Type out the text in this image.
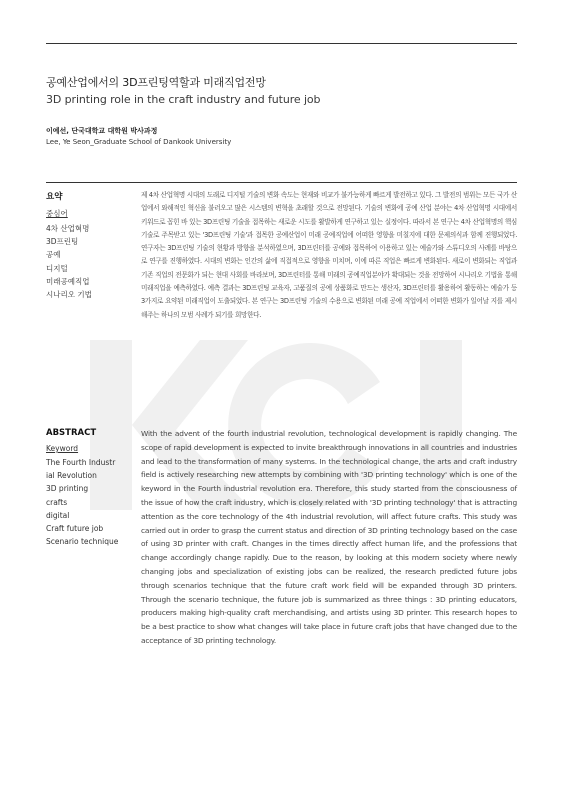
공예산업에서의 3D프린팅역할과 미래직업전망
3D printing role in the craft industry and future job
이예선, 단국대학교 대학원 박사과정
Lee, Ye Seon_Graduate School of Dankook University
요약
중심어
4차 산업혁명
3D프린팅
공예
디지털
미래공예직업
시나리오 기법
제 4차 산업혁명 시대의 도래로 디지털 기술의 변화 속도는 현재와 비교가 불가능하게 빠르게 발전하고 있다. 그 발전의 범위는 모든 국가 산업에서 와해적인 혁신을 불러오고 많은 시스템의 변혁을 초래할 것으로 전망된다. 기술의 변화에 공예 산업 분야는 4차 산업혁명 시대에서 키워드로 꼽힌 바 있는 3D프린팅 기술을 접목하는 새로운 시도를 활발하게 연구하고 있는 실정이다. 따라서 본 연구는 4차 산업혁명의 핵심기술로 주목받고 있는 '3D프린팅 기술'과 접목한 공예산업이 미래 공예직업에 어떠한 영향을 미칠지에 대한 문제의식과 함께 진행되었다. 연구자는 3D프린팅 기술의 현황과 방향을 분석하였으며, 3D프린터를 공예와 접목하여 이용하고 있는 예술가와 스튜디오의 사례를 바탕으로 연구를 진행하였다. 시대의 변화는 인간의 삶에 직접적으로 영향을 미치며, 이에 따른 직업은 빠르게 변화된다. 새로이 변화되는 직업과 기존 직업의 전문화가 되는 현대 사회를 바라보며, 3D프린터를 통해 미래의 공예직업분야가 확대되는 것을 전망하여 시나리오 기법을 통해 미래직업을 예측하였다. 예측 결과는 3D프린팅 교육자, 고품질의 공예 상품화로 만드는 생산자, 3D프린터를 활용하여 활동하는 예술가 등 3가지로 요약된 미래직업이 도출되었다. 본 연구는 3D프린팅 기술의 수용으로 변화된 미래 공예 직업에서 어떠한 변화가 일어날 지를 제시해주는 하나의 모범 사례가 되기를 희망한다.
ABSTRACT
Keyword
The Fourth Industr
ial Revolution
3D printing
crafts
digital
Craft future job
Scenario technique
With the advent of the fourth industrial revolution, technological development is rapidly changing. The scope of rapid development is expected to invite breakthrough innovations in all countries and industries and lead to the transformation of many systems. In the technological change, the arts and craft industry field is actively researching new attempts by combining with '3D printing technology' which is one of the keyword in the Fourth industrial revolution era. Therefore, this study started from the consciousness of the issue of how the craft industry, which is closely related with '3D printing technology' that is attracting attention as the core technology of the 4th industrial revolution, will affect future crafts. This study was carried out in order to grasp the current status and direction of 3D printing technology based on the case of using 3D printer with craft. Changes in the times directly affect human life, and the professions that change accordingly change rapidly. Due to the reason, by looking at this modern society where newly changing jobs and specialization of existing jobs can be realized, the research predicted future jobs through scenarios technique that the future craft work field will be expanded through 3D printers. Through the scenario technique, the future job is summarized as three things : 3D printing educators, producers making high-quality craft merchandising, and artists using 3D printer. This research hopes to be a best practice to show what changes will take place in future craft jobs that have changed due to the acceptance of 3D printing technology.
